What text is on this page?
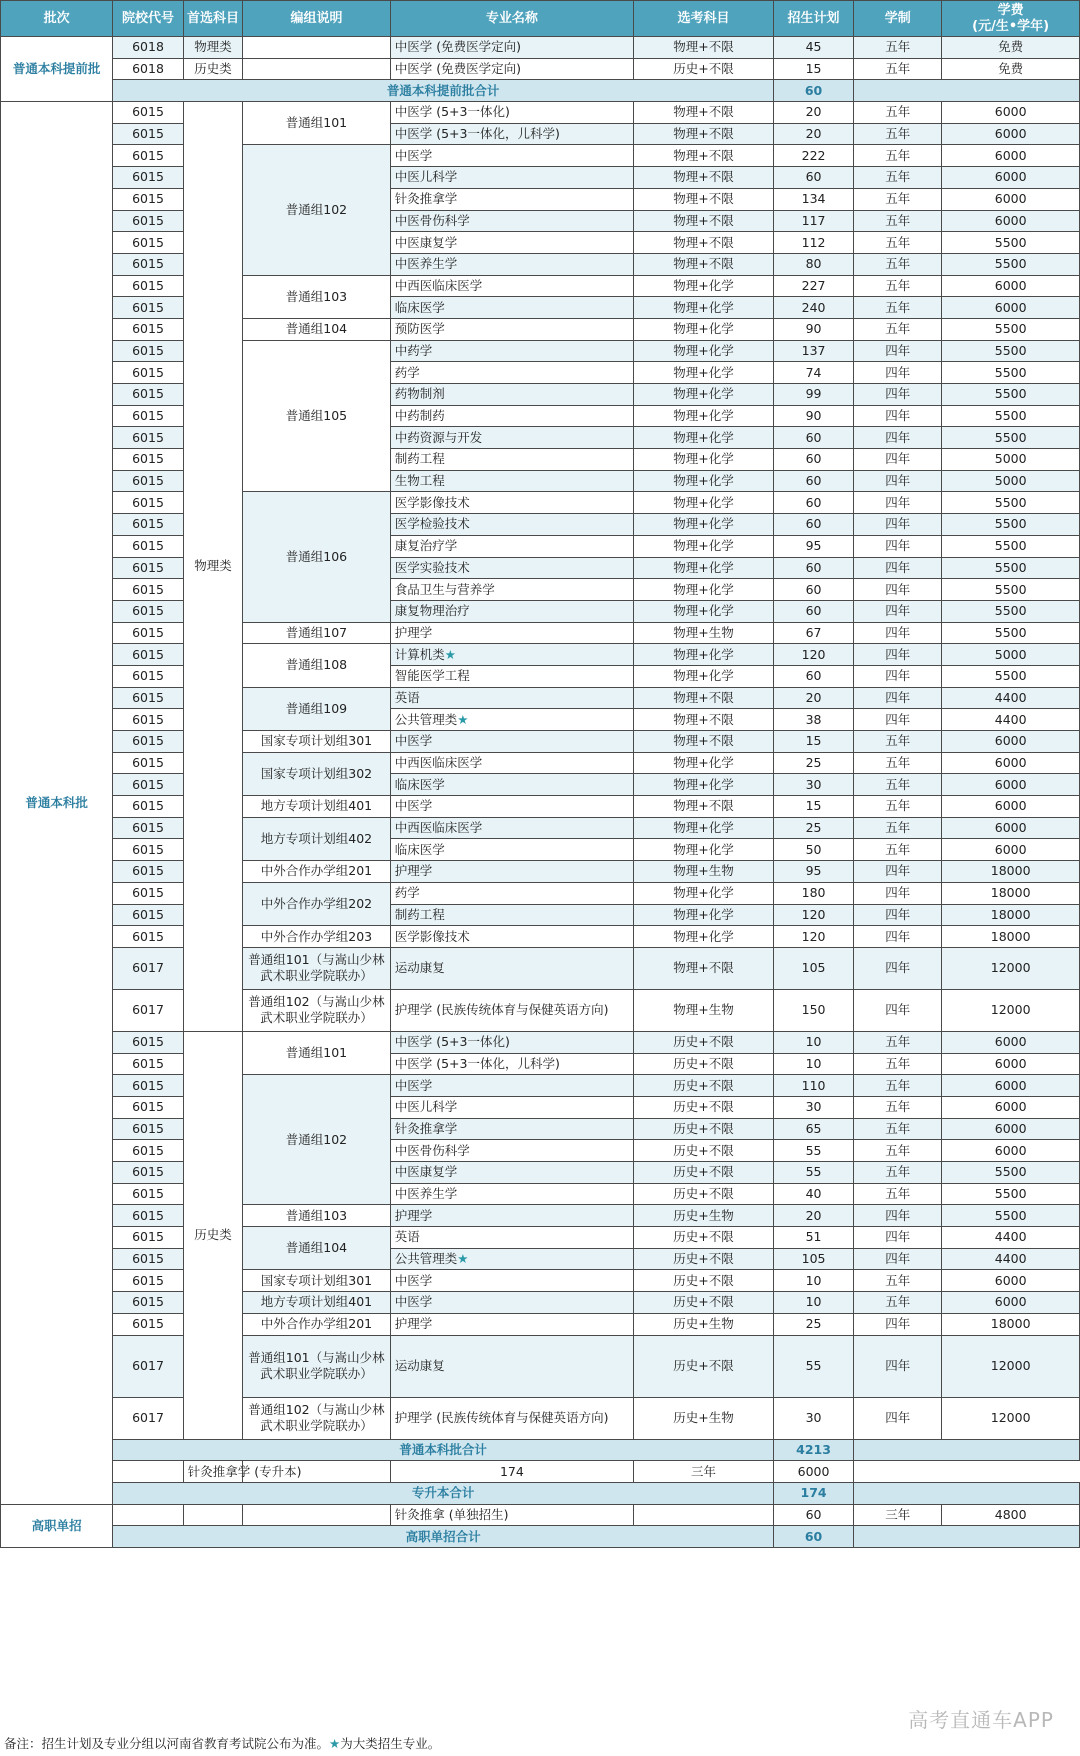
批次	院校代号	首选科目	编组说明	专业名称	选考科目	招生计划	学制	学费
(元/生•学年)
普通本科提前批	6018	物理类		中医学 (免费医学定向)	物理+不限	45	五年	免费
	6018	历史类		中医学 (免费医学定向)	历史+不限	15	五年	免费
	普通本科提前批合计					60		
普通本科批	6015	物理类	普通组101	中医学 (5+3一体化)	物理+不限	20	五年	6000
	6015			中医学 (5+3一体化，儿科学)	物理+不限	20	五年	6000
	6015		普通组102	中医学	物理+不限	222	五年	6000
	6015			中医儿科学	物理+不限	60	五年	6000
	6015			针灸推拿学	物理+不限	134	五年	6000
	6015			中医骨伤科学	物理+不限	117	五年	6000
	6015			中医康复学	物理+不限	112	五年	5500
	6015			中医养生学	物理+不限	80	五年	5500
	6015		普通组103	中西医临床医学	物理+化学	227	五年	6000
	6015			临床医学	物理+化学	240	五年	6000
	6015		普通组104	预防医学	物理+化学	90	五年	5500
	6015		普通组105	中药学	物理+化学	137	四年	5500
	6015			药学	物理+化学	74	四年	5500
	6015			药物制剂	物理+化学	99	四年	5500
	6015			中药制药	物理+化学	90	四年	5500
	6015			中药资源与开发	物理+化学	60	四年	5500
	6015			制药工程	物理+化学	60	四年	5000
	6015			生物工程	物理+化学	60	四年	5000
	6015		普通组106	医学影像技术	物理+化学	60	四年	5500
	6015			医学检验技术	物理+化学	60	四年	5500
	6015			康复治疗学	物理+化学	95	四年	5500
	6015			医学实验技术	物理+化学	60	四年	5500
	6015			食品卫生与营养学	物理+化学	60	四年	5500
	6015			康复物理治疗	物理+化学	60	四年	5500
	6015		普通组107	护理学	物理+生物	67	四年	5500
	6015		普通组108	计算机类★	物理+化学	120	四年	5000
	6015			智能医学工程	物理+化学	60	四年	5500
	6015		普通组109	英语	物理+不限	20	四年	4400
	6015			公共管理类★	物理+不限	38	四年	4400
	6015		国家专项计划组301	中医学	物理+不限	15	五年	6000
	6015		国家专项计划组302	中西医临床医学	物理+化学	25	五年	6000
	6015			临床医学	物理+化学	30	五年	6000
	6015		地方专项计划组401	中医学	物理+不限	15	五年	6000
	6015		地方专项计划组402	中西医临床医学	物理+化学	25	五年	6000
	6015			临床医学	物理+化学	50	五年	6000
	6015		中外合作办学组201	护理学	物理+生物	95	四年	18000
	6015		中外合作办学组202	药学	物理+化学	180	四年	18000
	6015			制药工程	物理+化学	120	四年	18000
	6015		中外合作办学组203	医学影像技术	物理+化学	120	四年	18000
	6017		普通组101（与嵩山少林武术职业学院联办）	运动康复	物理+不限	105	四年	12000
	6017		普通组102（与嵩山少林武术职业学院联办）	护理学 (民族传统体育与保健英语方向)	物理+生物	150	四年	12000
	6015	历史类	普通组101	中医学 (5+3一体化)	历史+不限	10	五年	6000
	6015			中医学 (5+3一体化，儿科学)	历史+不限	10	五年	6000
	6015		普通组102	中医学	历史+不限	110	五年	6000
	6015			中医儿科学	历史+不限	30	五年	6000
	6015			针灸推拿学	历史+不限	65	五年	6000
	6015			中医骨伤科学	历史+不限	55	五年	6000
	6015			中医康复学	历史+不限	55	五年	5500
	6015			中医养生学	历史+不限	40	五年	5500
	6015		普通组103	护理学	历史+生物	20	四年	5500
	6015		普通组104	英语	历史+不限	51	四年	4400
	6015			公共管理类★	历史+不限	105	四年	4400
	6015		国家专项计划组301	中医学	历史+不限	10	五年	6000
	6015		地方专项计划组401	中医学	历史+不限	10	五年	6000
	6015		中外合作办学组201	护理学	历史+生物	25	四年	18000
	6017		普通组101（与嵩山少林武术职业学院联办）	运动康复	历史+不限	55	四年	12000
	6017		普通组102（与嵩山少林武术职业学院联办）	护理学 (民族传统体育与保健英语方向)	历史+生物	30	四年	12000
	普通本科批合计					4213		
		针灸推拿学 (专升本)		174	三年	6000		
	专升本合计					174		
高职单招				针灸推拿 (单独招生)		60	三年	4800
	高职单招合计					60		
高考直通车APP
备注：招生计划及专业分组以河南省教育考试院公布为准。★为大类招生专业。
